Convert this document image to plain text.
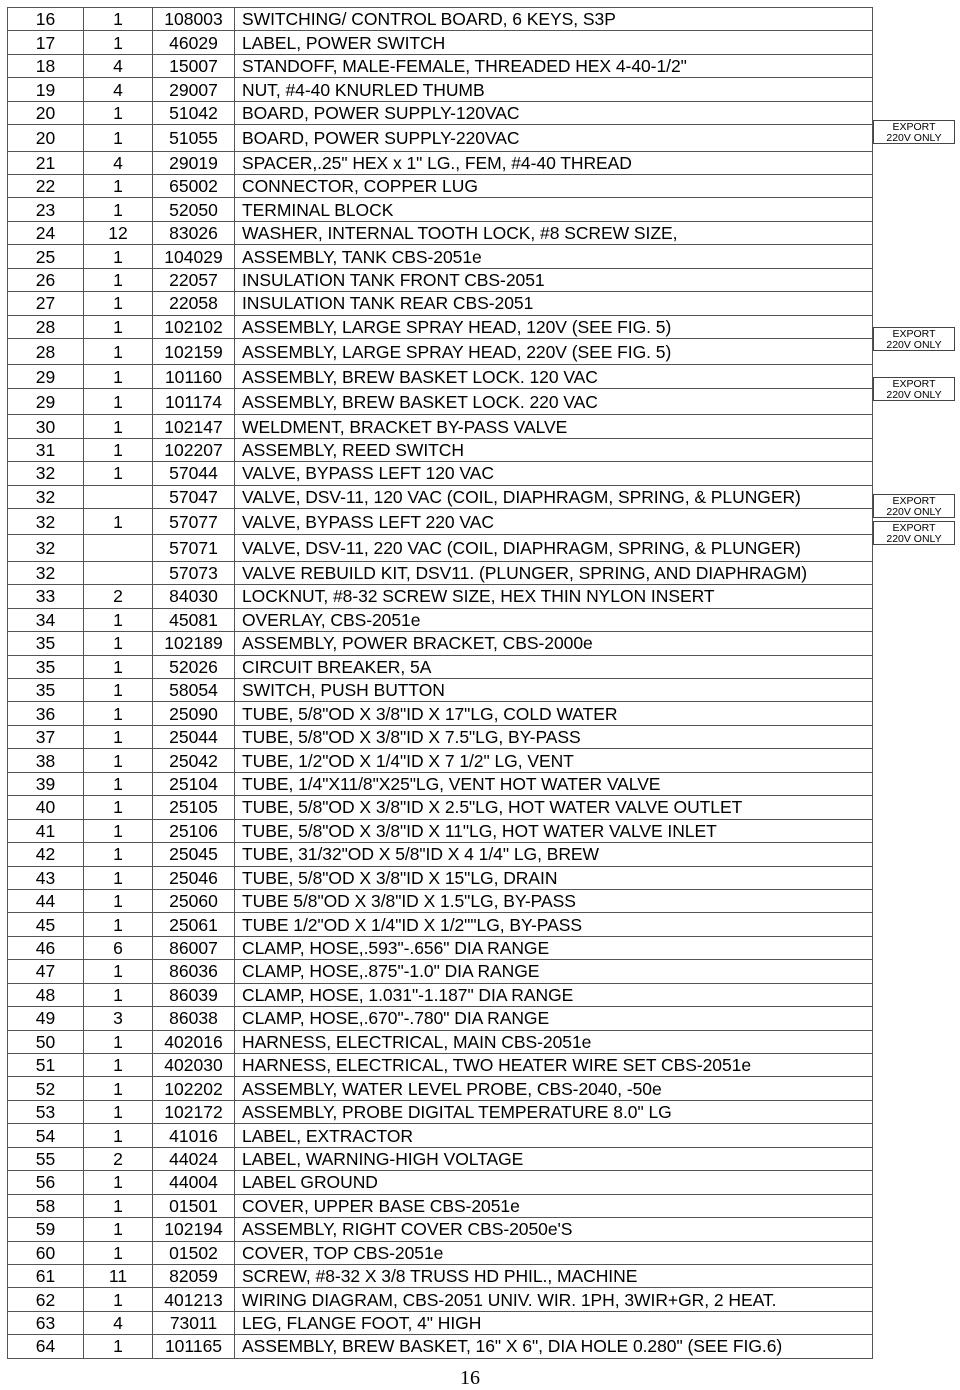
16	1	108003	SWITCHING/ CONTROL BOARD, 6 KEYS, S3P
17	1	46029	LABEL, POWER SWITCH
18	4	15007	STANDOFF, MALE-FEMALE, THREADED HEX 4-40-1/2"
19	4	29007	NUT, #4-40 KNURLED THUMB
20	1	51042	BOARD, POWER SUPPLY-120VAC
20	1	51055	BOARD, POWER SUPPLY-220VAC
21	4	29019	SPACER,.25" HEX x 1" LG., FEM, #4-40 THREAD
22	1	65002	CONNECTOR, COPPER LUG
23	1	52050	TERMINAL BLOCK
24	12	83026	WASHER, INTERNAL TOOTH LOCK, #8 SCREW SIZE,
25	1	104029	ASSEMBLY, TANK CBS-2051e
26	1	22057	INSULATION TANK FRONT CBS-2051
27	1	22058	INSULATION TANK REAR CBS-2051
28	1	102102	ASSEMBLY, LARGE SPRAY HEAD, 120V (SEE FIG. 5)
28	1	102159	ASSEMBLY, LARGE SPRAY HEAD, 220V (SEE FIG. 5)
29	1	101160	ASSEMBLY, BREW BASKET LOCK. 120 VAC
29	1	101174	ASSEMBLY, BREW BASKET LOCK. 220 VAC
30	1	102147	WELDMENT, BRACKET BY-PASS VALVE
31	1	102207	ASSEMBLY, REED SWITCH
32	1	57044	VALVE, BYPASS LEFT 120 VAC
32		57047	VALVE, DSV-11, 120 VAC (COIL, DIAPHRAGM, SPRING, & PLUNGER)
32	1	57077	VALVE, BYPASS LEFT 220 VAC
32		57071	VALVE, DSV-11, 220 VAC (COIL, DIAPHRAGM, SPRING, & PLUNGER)
32		57073	VALVE REBUILD KIT, DSV11. (PLUNGER, SPRING, AND DIAPHRAGM)
33	2	84030	LOCKNUT, #8-32 SCREW SIZE, HEX THIN NYLON INSERT
34	1	45081	OVERLAY, CBS-2051e
35	1	102189	ASSEMBLY, POWER BRACKET, CBS-2000e
35	1	52026	CIRCUIT BREAKER, 5A
35	1	58054	SWITCH, PUSH BUTTON
36	1	25090	TUBE, 5/8"OD X 3/8"ID X 17"LG, COLD WATER
37	1	25044	TUBE, 5/8"OD X 3/8"ID X 7.5"LG, BY-PASS
38	1	25042	TUBE, 1/2"OD X 1/4"ID X 7 1/2" LG, VENT
39	1	25104	TUBE, 1/4"X11/8"X25"LG, VENT HOT WATER VALVE
40	1	25105	TUBE, 5/8"OD X 3/8"ID X 2.5"LG, HOT WATER VALVE OUTLET
41	1	25106	TUBE, 5/8"OD X 3/8"ID X 11"LG, HOT WATER VALVE INLET
42	1	25045	TUBE, 31/32"OD X 5/8"ID X 4 1/4" LG, BREW
43	1	25046	TUBE, 5/8"OD X 3/8"ID X 15"LG, DRAIN
44	1	25060	TUBE 5/8"OD X 3/8"ID X 1.5"LG, BY-PASS
45	1	25061	TUBE 1/2"OD X 1/4"ID X 1/2""LG, BY-PASS
46	6	86007	CLAMP, HOSE,.593"-.656" DIA RANGE
47	1	86036	CLAMP, HOSE,.875"-1.0" DIA RANGE
48	1	86039	CLAMP, HOSE, 1.031"-1.187" DIA RANGE
49	3	86038	CLAMP, HOSE,.670"-.780" DIA RANGE
50	1	402016	HARNESS, ELECTRICAL, MAIN CBS-2051e
51	1	402030	HARNESS, ELECTRICAL, TWO HEATER WIRE SET CBS-2051e
52	1	102202	ASSEMBLY, WATER LEVEL PROBE, CBS-2040, -50e
53	1	102172	ASSEMBLY, PROBE DIGITAL TEMPERATURE 8.0" LG
54	1	41016	LABEL, EXTRACTOR
55	2	44024	LABEL, WARNING-HIGH VOLTAGE
56	1	44004	LABEL GROUND
58	1	01501	COVER, UPPER BASE CBS-2051e
59	1	102194	ASSEMBLY, RIGHT COVER CBS-2050e'S
60	1	01502	COVER, TOP CBS-2051e
61	11	82059	SCREW, #8-32 X 3/8 TRUSS HD PHIL., MACHINE
62	1	401213	WIRING DIAGRAM, CBS-2051 UNIV. WIR. 1PH, 3WIR+GR, 2 HEAT.
63	4	73011	LEG, FLANGE FOOT, 4" HIGH
64	1	101165	ASSEMBLY, BREW BASKET, 16" X 6", DIA HOLE 0.280" (SEE FIG.6)
EXPORT
220V ONLY
EXPORT
220V ONLY
EXPORT
220V ONLY
EXPORT
220V ONLY
EXPORT
220V ONLY
16
